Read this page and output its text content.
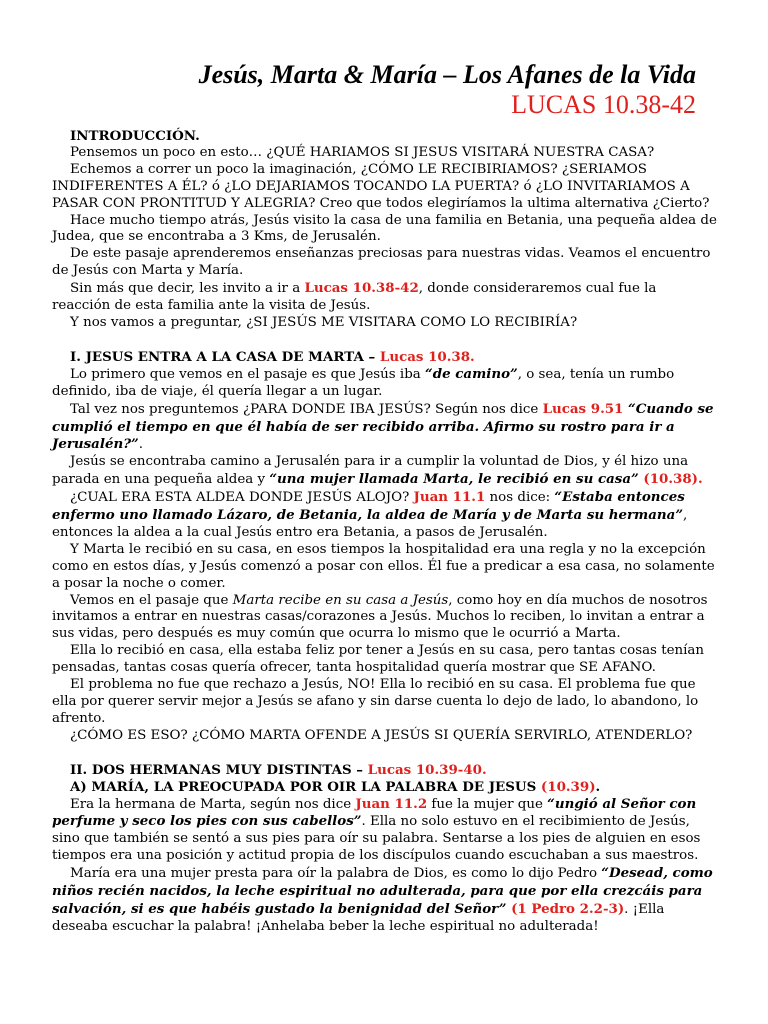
Jesús, Marta & María – Los Afanes de la Vida

LUCAS 10.38-42

INTRODUCCIÓN.

Pensemos un poco en esto… ¿QUÉ HARIAMOS SI JESUS VISITARÁ NUESTRA CASA?

Echemos a correr un poco la imaginación, ¿CÓMO LE RECIBIRIAMOS? ¿SERIAMOS INDIFERENTES A ÉL? ó ¿LO DEJARIAMOS TOCANDO LA PUERTA? ó ¿LO INVITARIAMOS A PASAR CON PRONTITUD Y ALEGRIA? Creo que todos elegiríamos la ultima alternativa ¿Cierto?

Hace mucho tiempo atrás, Jesús visito la casa de una familia en Betania, una pequeña aldea de Judea, que se encontraba a 3 Kms, de Jerusalén.

De este pasaje aprenderemos enseñanzas preciosas para nuestras vidas. Veamos el encuentro de Jesús con Marta y María.

Sin más que decir, les invito a ir a Lucas 10.38-42, donde consideraremos cual fue la reacción de esta familia ante la visita de Jesús.

Y nos vamos a preguntar, ¿SI JESÚS ME VISITARA COMO LO RECIBIRÍA?

I. JESUS ENTRA A LA CASA DE MARTA – Lucas 10.38.

Lo primero que vemos en el pasaje es que Jesús iba “de camino”, o sea, tenía un rumbo definido, iba de viaje, él quería llegar a un lugar.

Tal vez nos preguntemos ¿PARA DONDE IBA JESÚS? Según nos dice Lucas 9.51 “Cuando se cumplió el tiempo en que él había de ser recibido arriba. Afirmo su rostro para ir a Jerusalén?”.

Jesús se encontraba camino a Jerusalén para ir a cumplir la voluntad de Dios, y él hizo una parada en una pequeña aldea y “una mujer llamada Marta, le recibió en su casa” (10.38).

¿CUAL ERA ESTA ALDEA DONDE JESÚS ALOJO? Juan 11.1 nos dice: “Estaba entonces enfermo uno llamado Lázaro, de Betania, la aldea de María y de Marta su hermana”, entonces la aldea a la cual Jesús entro era Betania, a pasos de Jerusalén.

Y Marta le recibió en su casa, en esos tiempos la hospitalidad era una regla y no la excepción como en estos días, y Jesús comenzó a posar con ellos. Él fue a predicar a esa casa, no solamente a posar la noche o comer.

Vemos en el pasaje que Marta recibe en su casa a Jesús, como hoy en día muchos de nosotros invitamos a entrar en nuestras casas/corazones a Jesús. Muchos lo reciben, lo invitan a entrar a sus vidas, pero después es muy común que ocurra lo mismo que le ocurrió a Marta.

Ella lo recibió en casa, ella estaba feliz por tener a Jesús en su casa, pero tantas cosas tenían pensadas, tantas cosas quería ofrecer, tanta hospitalidad quería mostrar que SE AFANO.

El problema no fue que rechazo a Jesús, NO! Ella lo recibió en su casa. El problema fue que ella por querer servir mejor a Jesús se afano y sin darse cuenta lo dejo de lado, lo abandono, lo afrento.

¿CÓMO ES ESO? ¿CÓMO MARTA OFENDE A JESÚS SI QUERÍA SERVIRLO, ATENDERLO?

II. DOS HERMANAS MUY DISTINTAS – Lucas 10.39-40.

A) MARÍA, LA PREOCUPADA POR OIR LA PALABRA DE JESUS (10.39).

Era la hermana de Marta, según nos dice Juan 11.2 fue la mujer que “ungió al Señor con perfume y seco los pies con sus cabellos”. Ella no solo estuvo en el recibimiento de Jesús, sino que también se sentó a sus pies para oír su palabra. Sentarse a los pies de alguien en esos tiempos era una posición y actitud propia de los discípulos cuando escuchaban a sus maestros.

María era una mujer presta para oír la palabra de Dios, es como lo dijo Pedro “Desead, como niños recién nacidos, la leche espiritual no adulterada, para que por ella crezcáis para salvación, si es que habéis gustado la benignidad del Señor” (1 Pedro 2.2-3). ¡Ella deseaba escuchar la palabra! ¡Anhelaba beber la leche espiritual no adulterada!
